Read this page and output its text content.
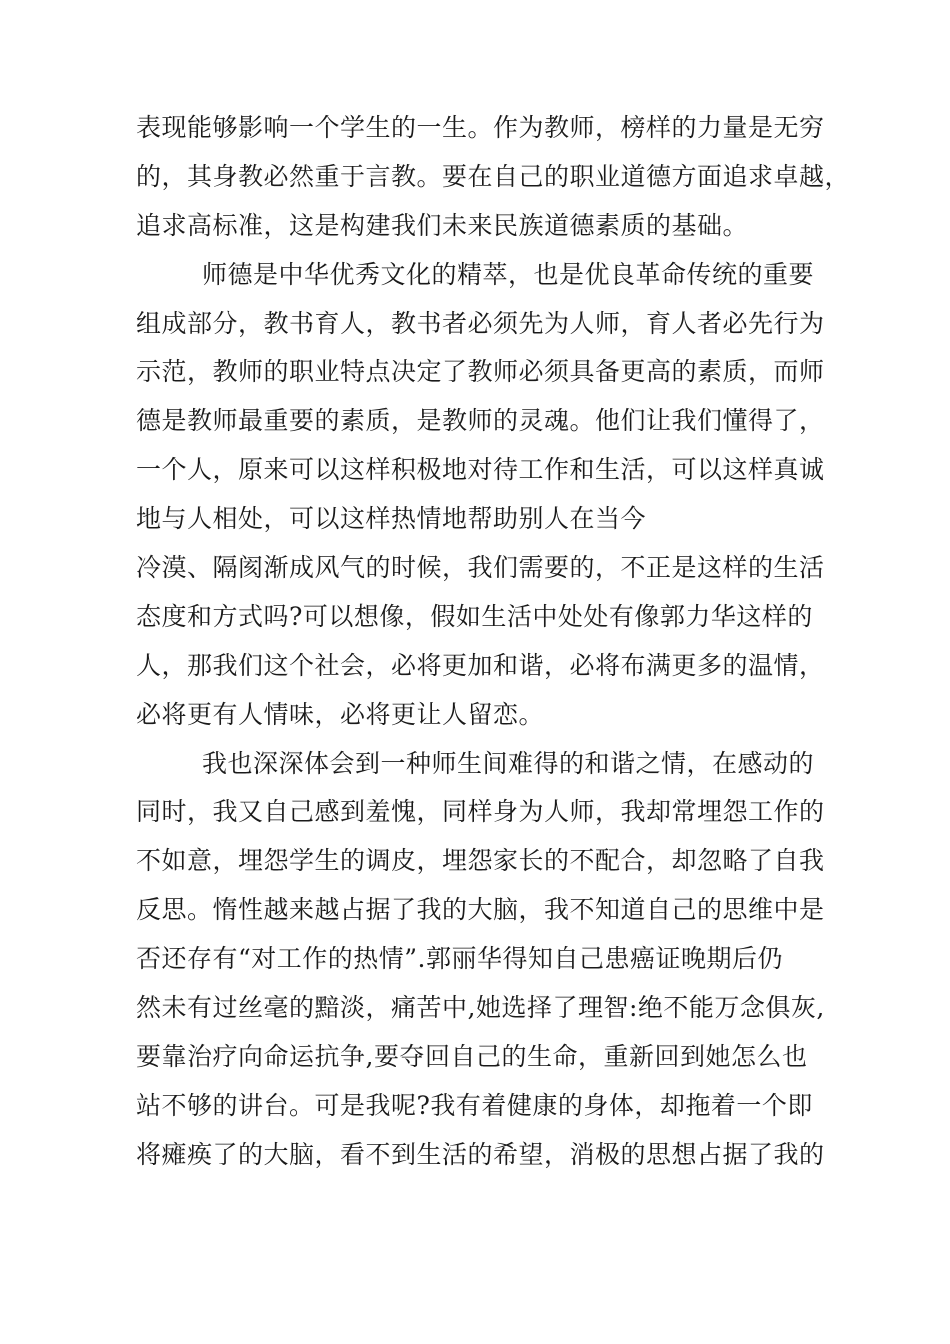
表现能够影响一个学生的一生。作为教师，榜样的力量是无穷
的，其身教必然重于言教。要在自己的职业道德方面追求卓越，
追求高标准，这是构建我们未来民族道德素质的基础。
师德是中华优秀文化的精萃，也是优良革命传统的重要
组成部分，教书育人，教书者必须先为人师，育人者必先行为
示范，教师的职业特点决定了教师必须具备更高的素质，而师
德是教师最重要的素质，是教师的灵魂。他们让我们懂得了，
一个人，原来可以这样积极地对待工作和生活，可以这样真诚
地与人相处，可以这样热情地帮助别人在当今
冷漠、隔阂渐成风气的时候，我们需要的，不正是这样的生活
态度和方式吗?可以想像，假如生活中处处有像郭力华这样的
人，那我们这个社会，必将更加和谐，必将布满更多的温情，
必将更有人情味，必将更让人留恋。
我也深深体会到一种师生间难得的和谐之情，在感动的
同时，我又自己感到羞愧，同样身为人师，我却常埋怨工作的
不如意，埋怨学生的调皮，埋怨家长的不配合，却忽略了自我
反思。惰性越来越占据了我的大脑，我不知道自己的思维中是
否还存有“对工作的热情”.郭丽华得知自己患癌证晚期后仍
然未有过丝毫的黯淡，痛苦中,她选择了理智:绝不能万念俱灰,
要靠治疗向命运抗争,要夺回自己的生命，重新回到她怎么也
站不够的讲台。可是我呢?我有着健康的身体，却拖着一个即
将瘫痪了的大脑，看不到生活的希望，消极的思想占据了我的
